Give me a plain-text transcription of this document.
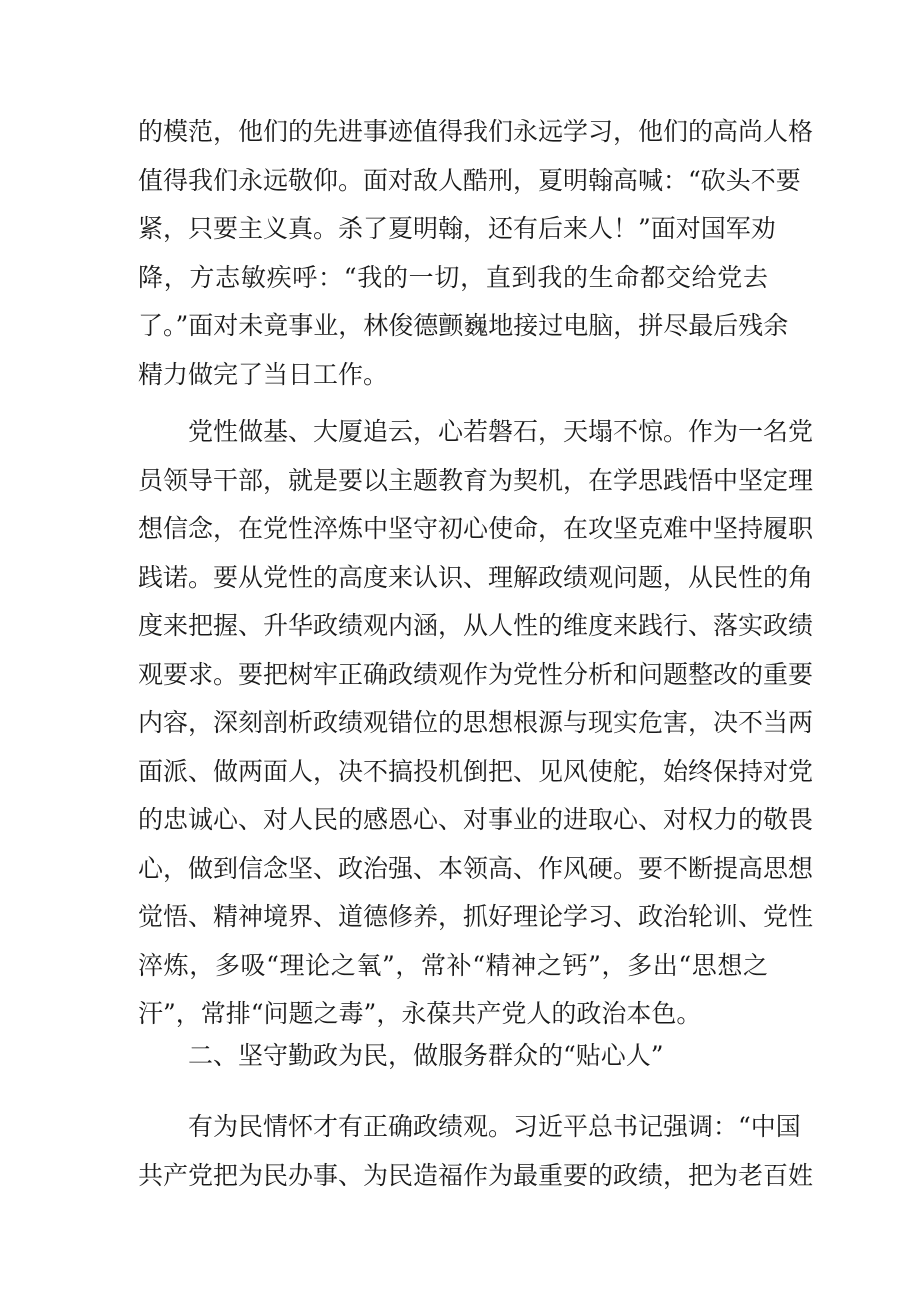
的模范，他们的先进事迹值得我们永远学习，他们的高尚人格
值得我们永远敬仰。面对敌人酷刑，夏明翰高喊：“砍头不要
紧，只要主义真。杀了夏明翰，还有后来人！”面对国军劝
降，方志敏疾呼：“我的一切，直到我的生命都交给党去
了。”面对未竟事业，林俊德颤巍地接过电脑，拼尽最后残余
精力做完了当日工作。
党性做基、大厦追云，心若磐石，天塌不惊。作为一名党
员领导干部，就是要以主题教育为契机，在学思践悟中坚定理
想信念，在党性淬炼中坚守初心使命，在攻坚克难中坚持履职
践诺。要从党性的高度来认识、理解政绩观问题，从民性的角
度来把握、升华政绩观内涵，从人性的维度来践行、落实政绩
观要求。要把树牢正确政绩观作为党性分析和问题整改的重要
内容，深刻剖析政绩观错位的思想根源与现实危害，决不当两
面派、做两面人，决不搞投机倒把、见风使舵，始终保持对党
的忠诚心、对人民的感恩心、对事业的进取心、对权力的敬畏
心，做到信念坚、政治强、本领高、作风硬。要不断提高思想
觉悟、精神境界、道德修养，抓好理论学习、政治轮训、党性
淬炼，多吸“理论之氧”，常补“精神之钙”，多出“思想之
汗”，常排“问题之毒”，永葆共产党人的政治本色。
二、坚守勤政为民，做服务群众的“贴心人”
有为民情怀才有正确政绩观。习近平总书记强调：“中国
共产党把为民办事、为民造福作为最重要的政绩，把为老百姓
